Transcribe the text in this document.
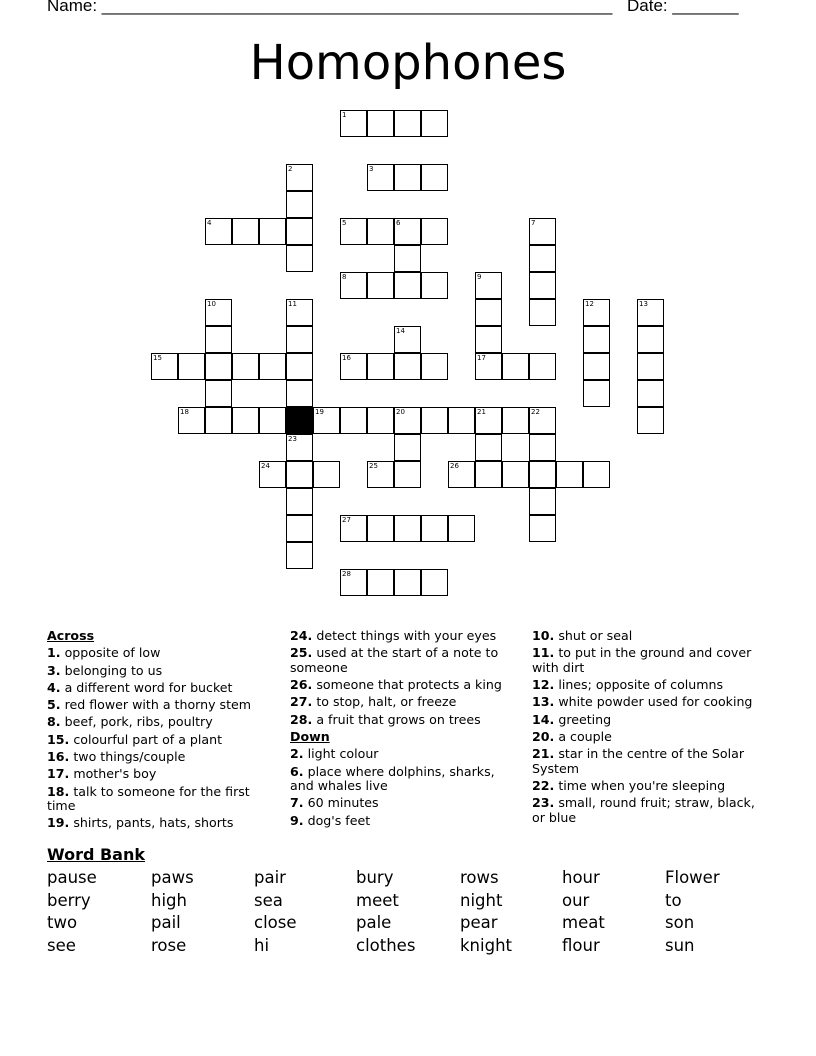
Name: ______________________________________________________ Date: _______
Homophones
1
3
4	5	6
8
15	16	17
18	19	20	21
24	25	26
27
28
2
7
9
10	11	12	13
14
22
23
Across
1. opposite of low
3. belonging to us
4. a different word for bucket
5. red flower with a thorny stem
8. beef, pork, ribs, poultry
15. colourful part of a plant
16. two things/couple
17. mother's boy
18. talk to someone for the first time
19. shirts, pants, hats, shorts
24. detect things with your eyes
25. used at the start of a note to someone
26. someone that protects a king
27. to stop, halt, or freeze
28. a fruit that grows on trees
Down
2. light colour
6. place where dolphins, sharks, and whales live
7. 60 minutes
9. dog's feet
10. shut or seal
11. to put in the ground and cover with dirt
12. lines; opposite of columns
13. white powder used for cooking
14. greeting
20. a couple
21. star in the centre of the Solar System
22. time when you're sleeping
23. small, round fruit; straw, black, or blue
Word Bank
pause	paws	pair	bury	rows	hour	Flower
berry	high	sea	meet	night	our	to
two	pail	close	pale	pear	meat	son
see	rose	hi	clothes	knight	flour	sun
